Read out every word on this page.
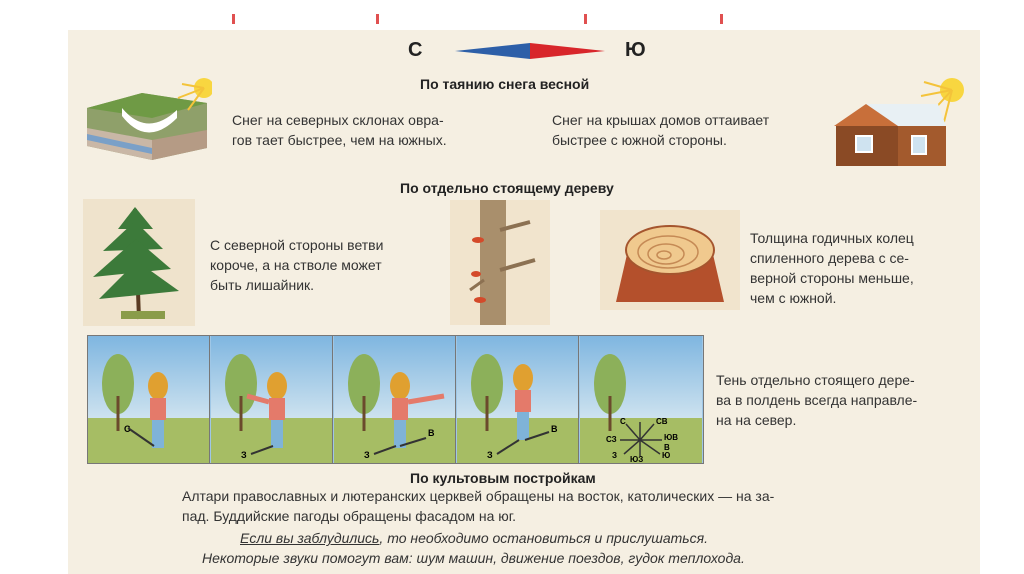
С	Ю
По таянию снега весной
Снег на северных склонах овра-
гов тает быстрее, чем на южных.
Снег на крышах домов оттаивает
быстрее с южной стороны.
По отдельно стоящему дереву
С северной стороны ветви
короче, а на стволе может
быть лишайник.
Толщина годичных колец
спиленного дерева с се-
верной стороны меньше,
чем с южной.
С
З	З
В
З
В
С	СВ
СЗ	ЮВ
З	Ю
ЮЗ
В
Тень отдельно стоящего дере-
ва в полдень всегда направле-
на на север.
По культовым постройкам
Алтари православных и лютеранских церквей обращены на восток, католических — на за-
пад. Буддийские пагоды обращены фасадом на юг.
Если вы заблудились, то необходимо остановиться и прислушаться.
Некоторые звуки помогут вам: шум машин, движение поездов, гудок теплохода.
